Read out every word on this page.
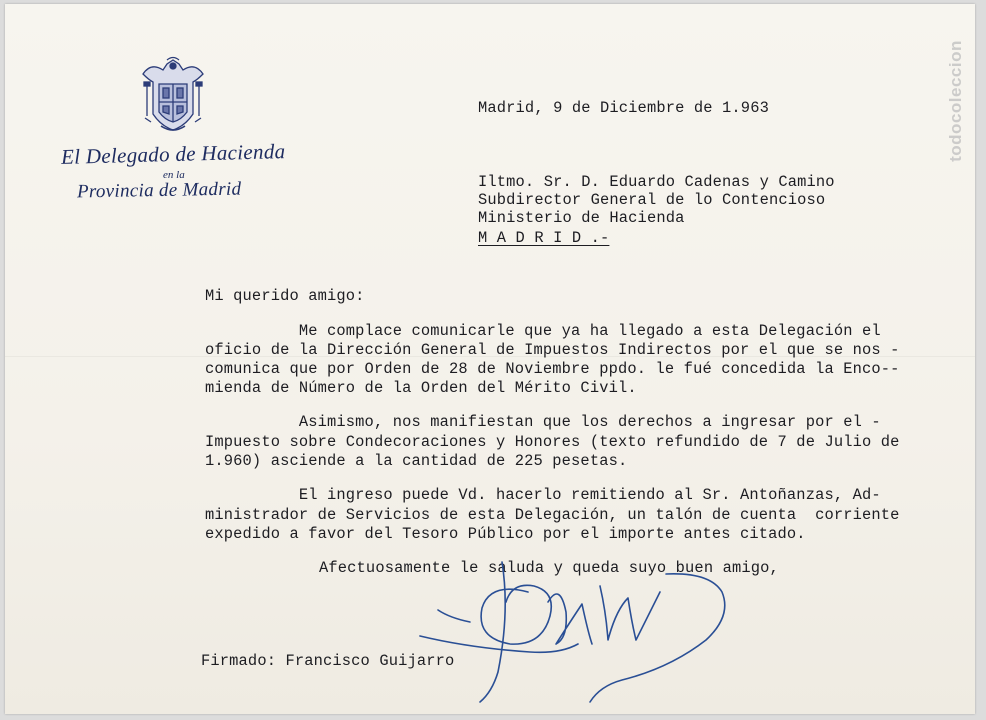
El Delegado de Hacienda
en la
Provincia de Madrid
Madrid, 9 de Diciembre de 1.963
Iltmo. Sr. D. Eduardo Cadenas y Camino
Subdirector General de lo Contencioso
Ministerio de Hacienda
M A D R I D .-
Mi querido amigo:
Me complace comunicarle que ya ha llegado a esta Delegación el
oficio de la Dirección General de Impuestos Indirectos por el que se nos -
comunica que por Orden de 28 de Noviembre ppdo. le fué concedida la Enco--
mienda de Número de la Orden del Mérito Civil.
Asimismo, nos manifiestan que los derechos a ingresar por el -
Impuesto sobre Condecoraciones y Honores (texto refundido de 7 de Julio de
1.960) asciende a la cantidad de 225 pesetas.
El ingreso puede Vd. hacerlo remitiendo al Sr. Antoñanzas, Ad-
ministrador de Servicios de esta Delegación, un talón de cuenta  corriente
expedido a favor del Tesoro Público por el importe antes citado.
Afectuosamente le saluda y queda suyo buen amigo,
Firmado: Francisco Guijarro
todocoleccion
